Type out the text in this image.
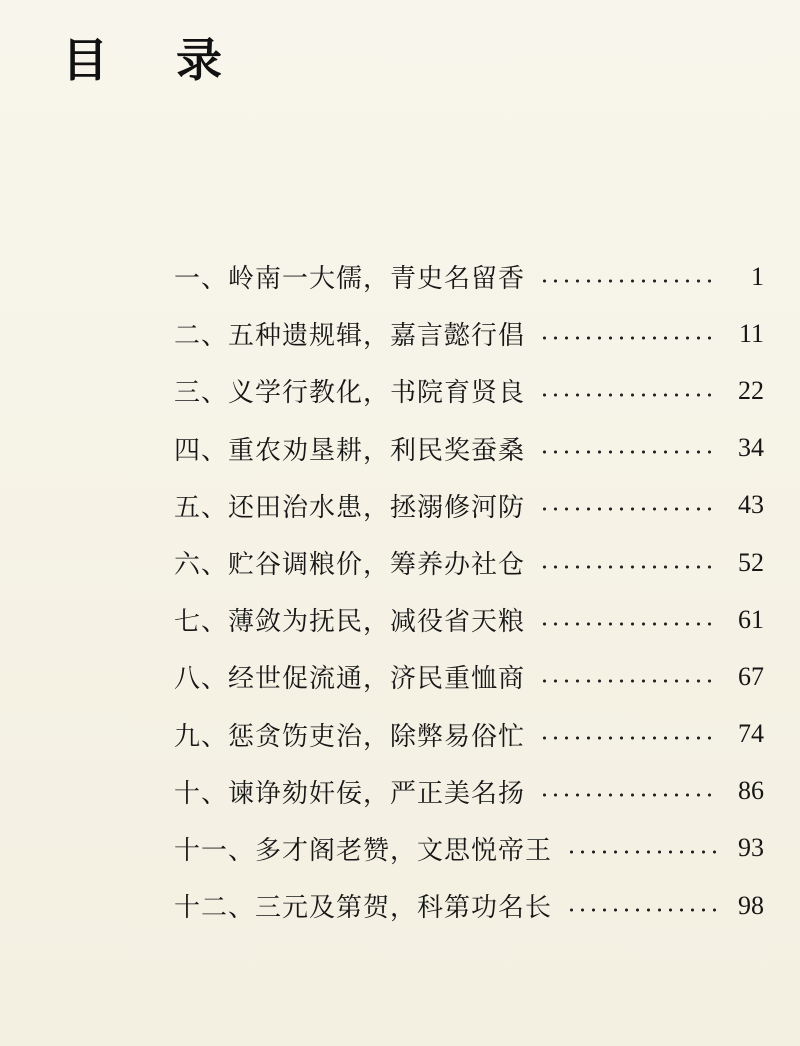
目 录
一、岭南一大儒，青史名留香	1
二、五种遗规辑，嘉言懿行倡	11
三、义学行教化，书院育贤良	22
四、重农劝垦耕，利民奖蚕桑	34
五、还田治水患，拯溺修河防	43
六、贮谷调粮价，筹养办社仓	52
七、薄敛为抚民，减役省天粮	61
八、经世促流通，济民重恤商	67
九、惩贪饬吏治，除弊易俗忙	74
十、谏诤劾奸佞，严正美名扬	86
十一、多才阁老赞，文思悦帝王	93
十二、三元及第贺，科第功名长	98
